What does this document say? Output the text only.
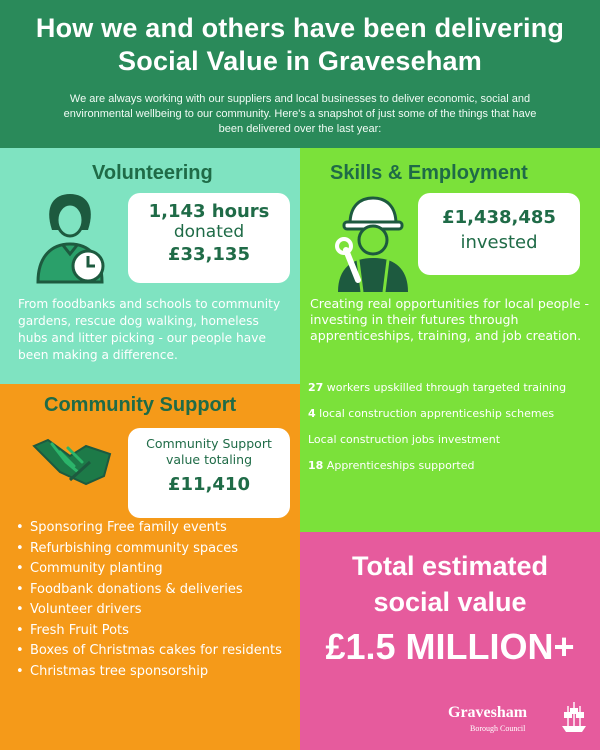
How we and others have been delivering
Social Value in Graveseham
We are always working with our suppliers and local businesses to deliver economic, social and environmental wellbeing to our community. Here's a snapshot of just some of the things that have been delivered over the last year:
Volunteering
1,143 hours
donated
£33,135
From foodbanks and schools to community gardens, rescue dog walking, homeless hubs and litter picking - our people have been making a difference.
Skills & Employment
£1,438,485
invested
Creating real opportunities for local people - investing in their futures through apprenticeships, training, and job creation.
27 workers upskilled through targeted training
4 local construction apprenticeship schemes
Local construction jobs investment
18 Apprenticeships supported
Community Support
Community Support value totaling
£11,410
• Sponsoring Free family events
• Refurbishing community spaces
• Community planting
• Foodbank donations & deliveries
• Volunteer drivers
• Fresh Fruit Pots
• Boxes of Christmas cakes for residents
• Christmas tree sponsorship
Total estimated
social value
£1.5 MILLION+
Gravesham
Borough Council
